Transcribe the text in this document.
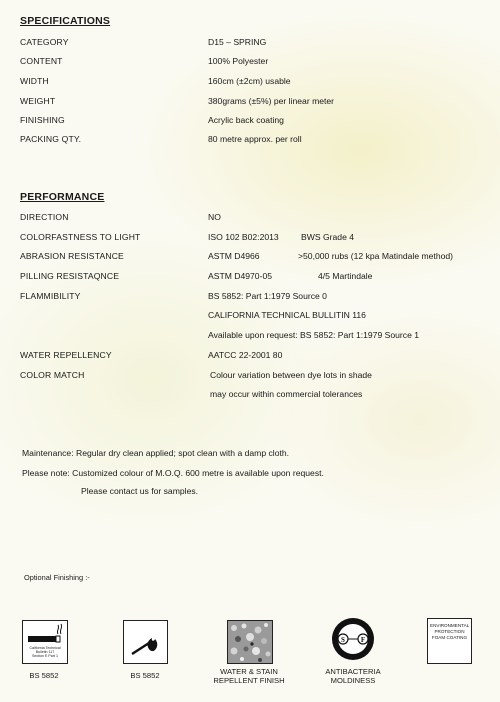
SPECIFICATIONS
CATEGORY	D15 – SPRING
CONTENT	100% Polyester
WIDTH	160cm (±2cm) usable
WEIGHT	380grams (±5%) per linear meter
FINISHING	Acrylic back coating
PACKING QTY.	80 metre approx. per roll
PERFORMANCE
DIRECTION	NO
COLORFASTNESS TO LIGHT	ISO 102 B02:2013	BWS Grade 4
ABRASION RESISTANCE	ASTM D4966	>50,000 rubs (12 kpa Matindale method)
PILLING RESISTAQNCE	ASTM D4970-05	4/5 Martindale
FLAMMIBILITY	BS 5852: Part 1:1979 Source 0
CALIFORNIA TECHNICAL BULLITIN 116
Available upon request: BS 5852: Part 1:1979 Source 1
WATER REPELLENCY	AATCC 22-2001 80
COLOR MATCH	Colour variation between dye lots in shade
may occur within commercial tolerances
Maintenance: Regular dry clean applied; spot clean with a damp cloth.
Please note: Customized colour of M.O.Q. 600 metre is available upon request.
Please contact us for samples.
Optional Finishing :-
California Technical
Bulletin 117
Section E Part 1
BS 5852	BS 5852	WATER & STAIN REPELLENT FINISH
S F
ANTIBACTERIA MOLDINESS
ENVIRONMENTAL PROTECTION FOAM COATING
